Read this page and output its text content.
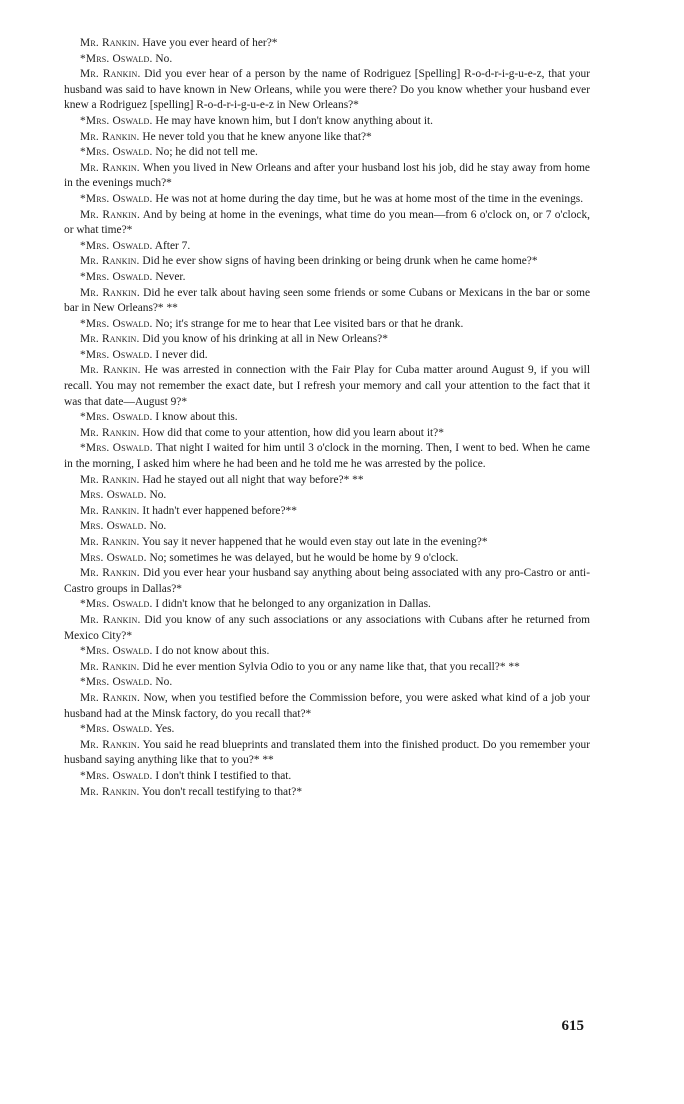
Mr. Rankin. Have you ever heard of her?*

*Mrs. Oswald. No.

Mr. Rankin. Did you ever hear of a person by the name of Rodriguez [Spelling] R-o-d-r-i-g-u-e-z, that your husband was said to have known in New Orleans, while you were there? Do you know whether your husband ever knew a Rodriguez [spelling] R-o-d-r-i-g-u-e-z in New Orleans?*

*Mrs. Oswald. He may have known him, but I don't know anything about it.

Mr. Rankin. He never told you that he knew anyone like that?*

*Mrs. Oswald. No; he did not tell me.

Mr. Rankin. When you lived in New Orleans and after your husband lost his job, did he stay away from home in the evenings much?*

*Mrs. Oswald. He was not at home during the day time, but he was at home most of the time in the evenings.

Mr. Rankin. And by being at home in the evenings, what time do you mean—from 6 o'clock on, or 7 o'clock, or what time?*

*Mrs. Oswald. After 7.

Mr. Rankin. Did he ever show signs of having been drinking or being drunk when he came home?*

*Mrs. Oswald. Never.

Mr. Rankin. Did he ever talk about having seen some friends or some Cubans or Mexicans in the bar or some bar in New Orleans?* **

*Mrs. Oswald. No; it's strange for me to hear that Lee visited bars or that he drank.

Mr. Rankin. Did you know of his drinking at all in New Orleans?*

*Mrs. Oswald. I never did.

Mr. Rankin. He was arrested in connection with the Fair Play for Cuba matter around August 9, if you will recall. You may not remember the exact date, but I refresh your memory and call your attention to the fact that it was that date—August 9?*

*Mrs. Oswald. I know about this.

Mr. Rankin. How did that come to your attention, how did you learn about it?*

*Mrs. Oswald. That night I waited for him until 3 o'clock in the morning. Then, I went to bed. When he came in the morning, I asked him where he had been and he told me he was arrested by the police.

Mr. Rankin. Had he stayed out all night that way before?* **

Mrs. Oswald. No.

Mr. Rankin. It hadn't ever happened before?**

Mrs. Oswald. No.

Mr. Rankin. You say it never happened that he would even stay out late in the evening?*

Mrs. Oswald. No; sometimes he was delayed, but he would be home by 9 o'clock.

Mr. Rankin. Did you ever hear your husband say anything about being associated with any pro-Castro or anti-Castro groups in Dallas?*

*Mrs. Oswald. I didn't know that he belonged to any organization in Dallas.

Mr. Rankin. Did you know of any such associations or any associations with Cubans after he returned from Mexico City?*

*Mrs. Oswald. I do not know about this.

Mr. Rankin. Did he ever mention Sylvia Odio to you or any name like that, that you recall?* **

*Mrs. Oswald. No.

Mr. Rankin. Now, when you testified before the Commission before, you were asked what kind of a job your husband had at the Minsk factory, do you recall that?*

*Mrs. Oswald. Yes.

Mr. Rankin. You said he read blueprints and translated them into the finished product. Do you remember your husband saying anything like that to you?* **

*Mrs. Oswald. I don't think I testified to that.

Mr. Rankin. You don't recall testifying to that?*

615
